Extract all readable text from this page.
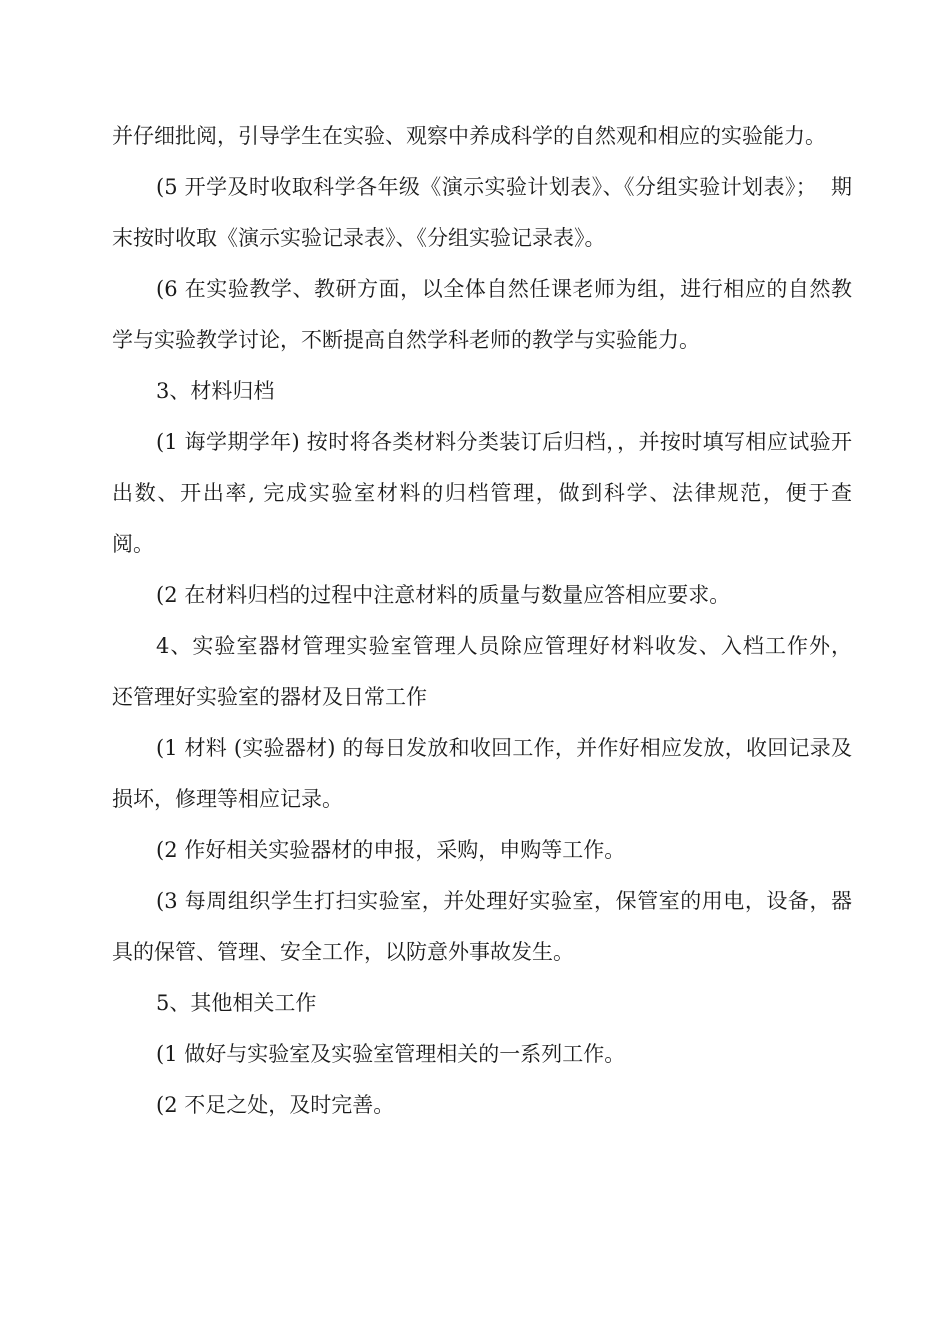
并仔细批阅，引导学生在实验、观察中养成科学的自然观和相应的实验能力。

(5 开学及时收取科学各年级《演示实验计划表》、《分组实验计划表》；  期末按时收取《演示实验记录表》、《分组实验记录表》。

(6 在实验教学、教研方面，以全体自然任课老师为组，进行相应的自然教学与实验教学讨论，不断提高自然学科老师的教学与实验能力。

3、材料归档

(1 诲学期学年) 按时将各类材料分类装订后归档，，并按时填写相应试验开出数、开出率, 完成实验室材料的归档管理，做到科学、法律规范，便于查  阅。

(2 在材料归档的过程中注意材料的质量与数量应答相应要求。

4、实验室器材管理实验室管理人员除应管理好材料收发、入档工作外，  还管理好实验室的器材及日常工作

(1 材料 (实验器材) 的每日发放和收回工作，并作好相应发放，收回记录及损坏，修理等相应记录。

(2 作好相关实验器材的申报，采购，申购等工作。

(3 每周组织学生打扫实验室，并处理好实验室，保管室的用电，设备，器具的保管、管理、安全工作，以防意外事故发生。

5、其他相关工作

(1 做好与实验室及实验室管理相关的一系列工作。

(2 不足之处，及时完善。
